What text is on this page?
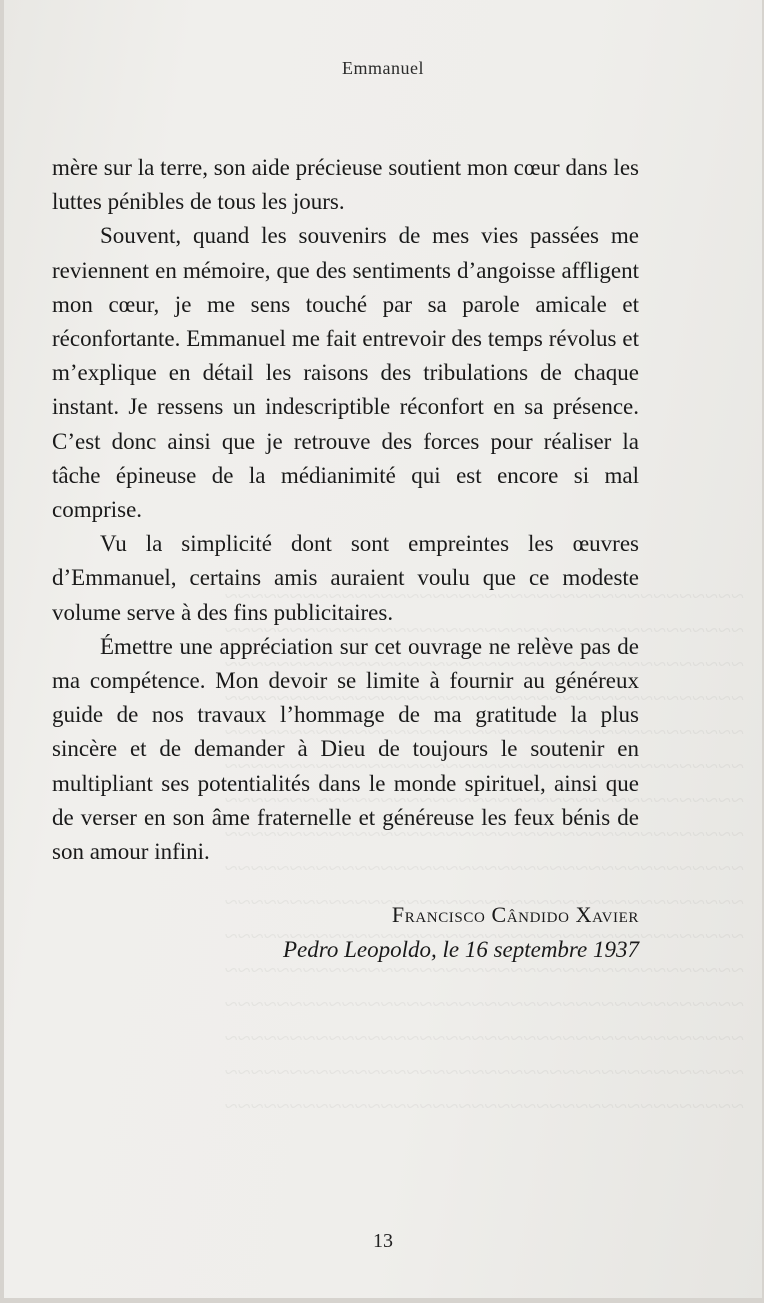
Emmanuel

mère sur la terre, son aide précieuse soutient mon cœur dans les luttes pénibles de tous les jours.

Souvent, quand les souvenirs de mes vies passées me reviennent en mémoire, que des sentiments d’angoisse affligent mon cœur, je me sens touché par sa parole amicale et réconfortante. Emmanuel me fait entrevoir des temps révolus et m’explique en détail les raisons des tribulations de chaque instant. Je ressens un indescriptible réconfort en sa présence. C’est donc ainsi que je retrouve des forces pour réaliser la tâche épineuse de la médianimité qui est encore si mal comprise.

Vu la simplicité dont sont empreintes les œuvres d’Emmanuel, certains amis auraient voulu que ce modeste volume serve à des fins publicitaires.

Émettre une appréciation sur cet ouvrage ne relève pas de ma compétence. Mon devoir se limite à fournir au généreux guide de nos travaux l’hommage de ma gratitude la plus sincère et de demander à Dieu de toujours le soutenir en multipliant ses potentialités dans le monde spirituel, ainsi que de verser en son âme fraternelle et généreuse les feux bénis de son amour infini.

Francisco Cândido Xavier
Pedro Leopoldo, le 16 septembre 1937
13
